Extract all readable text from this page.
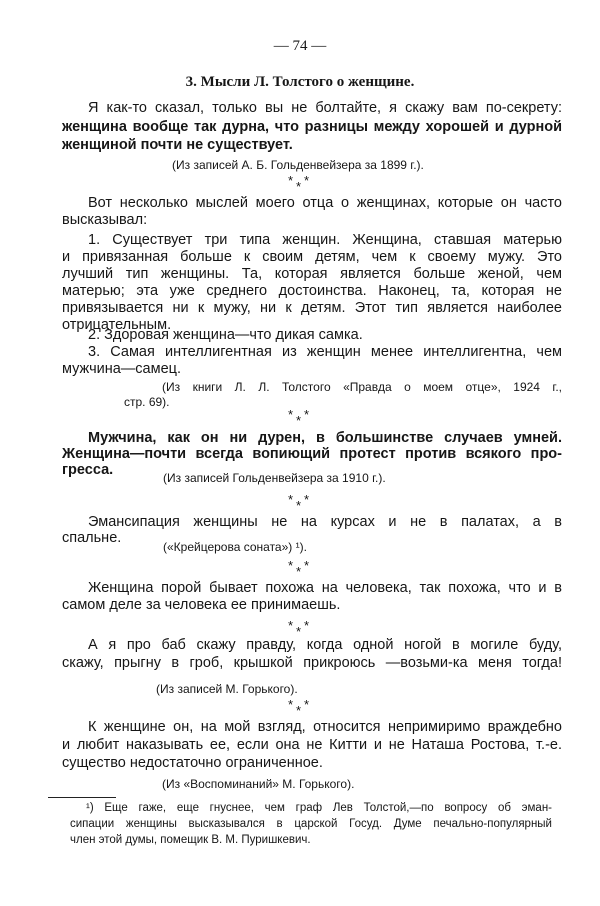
— 74 —
3. Мысли Л. Толстого о женщине.
Я как-то сказал, только вы не болтайте, я скажу вам по-секрету:
женщина вообще так дурна, что разницы между хорошей и дурной
женщиной почти не существует.
(Из записей А. Б. Гольденвейзера за 1899 г.).
* * *
Вот несколько мыслей моего отца о женщинах, которые он часто
высказывал:
1. Существует три типа женщин. Женщина, ставшая матерью
и привязанная больше к своим детям, чем к своему мужу. Это
лучший тип женщины. Та, которая является больше женой, чем
матерью; эта уже среднего достоинства. Наконец, та, которая не
привязывается ни к мужу, ни к детям. Этот тип является наиболее
отрицательным.
2. Здоровая женщина—что дикая самка.
3. Самая интеллигентная из женщин менее интеллигентна, чем
мужчина—самец.
(Из книги Л. Л. Толстого «Правда о моем отце», 1924 г.,
стр. 69).
* * *
Мужчина, как он ни дурен, в большинстве случаев умней.
Женщина—почти всегда вопиющий протест против всякого про-
гресса.	(Из записей Гольденвейзера за 1910 г.).
* * *
Эмансипация женщины не на курсах и не в палатах, а в
спальне.
(«Крейцерова соната») ¹).
* * *
Женщина порой бывает похожа на человека, так похожа, что и в
самом деле за человека ее принимаешь.
* * *
А я про баб скажу правду, когда одной ногой в могиле буду,
скажу, прыгну в гроб, крышкой прикроюсь —возьми-ка меня тогда!
(Из записей М. Горького).
* * *
К женщине он, на мой взгляд, относится непримиримо враждебно
и любит наказывать ее, если она не Китти и не Наташа Ростова, т.-е.
существо недостаточно ограниченное.
(Из «Воспоминаний» М. Горького).
¹) Еще гаже, еще гнуснее, чем граф Лев Толстой,—по вопросу об эман-
сипации женщины высказывался в царской Госуд. Думе печально-популярный
член этой думы, помещик В. М. Пуришкевич.
